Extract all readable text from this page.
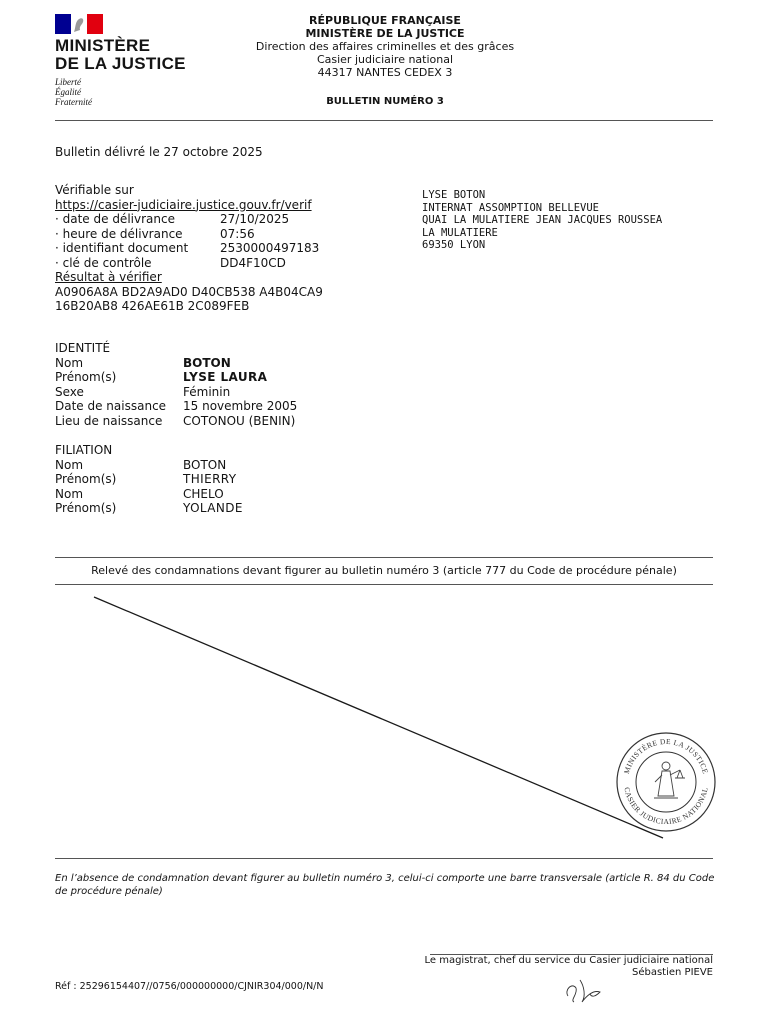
MINISTÈRE
DE LA JUSTICE
Liberté
Égalité
Fraternité
RÉPUBLIQUE FRANÇAISE
MINISTÈRE DE LA JUSTICE
Direction des affaires criminelles et des grâces
Casier judiciaire national
44317 NANTES CEDEX 3
BULLETIN NUMÉRO 3
Bulletin délivré le 27 octobre 2025
Vérifiable sur
https://casier-judiciaire.justice.gouv.fr/verif
· date de délivrance	27/10/2025
· heure de délivrance	07:56
· identifiant document	2530000497183
· clé de contrôle	DD4F10CD
Résultat à vérifier
A0906A8A BD2A9AD0 D40CB538 A4B04CA9
16B20AB8 426AE61B 2C089FEB
LYSE BOTON
INTERNAT ASSOMPTION BELLEVUE
QUAI LA MULATIERE JEAN JACQUES ROUSSEA
LA MULATIERE
69350 LYON
IDENTITÉ
Nom	BOTON
Prénom(s)	LYSE LAURA
Sexe	Féminin
Date de naissance	15 novembre 2005
Lieu de naissance	COTONOU (BENIN)
FILIATION
Nom	BOTON
Prénom(s)	THIERRY
Nom	CHELO
Prénom(s)	YOLANDE
Relevé des condamnations devant figurer au bulletin numéro 3 (article 777 du Code de procédure pénale)
MINISTÈRE DE LA JUSTICE
CASIER JUDICIAIRE NATIONAL
En l’absence de condamnation devant figurer au bulletin numéro 3, celui-ci comporte une barre transversale (article R. 84 du Code de procédure pénale)
Le magistrat, chef du service du Casier judiciaire national
Sébastien PIEVE
Réf : 25296154407//0756/000000000/CJNIR304/000/N/N
